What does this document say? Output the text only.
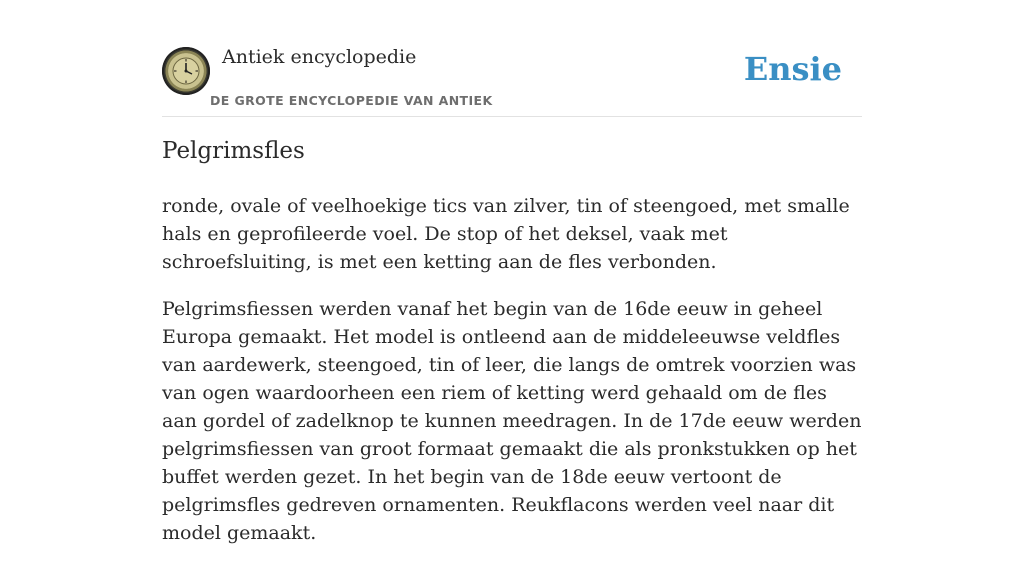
Antiek encyclopedie
DE GROTE ENCYCLOPEDIE VAN ANTIEK
Ensie
Pelgrimsfles

ronde, ovale of veelhoekige tics van zilver, tin of steengoed, met smalle hals en geprofileerde voel. De stop of het deksel, vaak met schroefsluiting, is met een ketting aan de fles verbonden.

Pelgrimsfiessen werden vanaf het begin van de 16de eeuw in geheel Europa gemaakt. Het model is ontleend aan de middeleeuwse veldfles van aardewerk, steengoed, tin of leer, die langs de omtrek voorzien was van ogen waardoorheen een riem of ketting werd gehaald om de fles aan gordel of zadelknop te kunnen meedragen. In de 17de eeuw werden pelgrimsfiessen van groot formaat gemaakt die als pronkstukken op het buffet werden gezet. In het begin van de 18de eeuw vertoont de pelgrimsfles gedreven ornamenten. Reukflacons werden veel naar dit model gemaakt.
